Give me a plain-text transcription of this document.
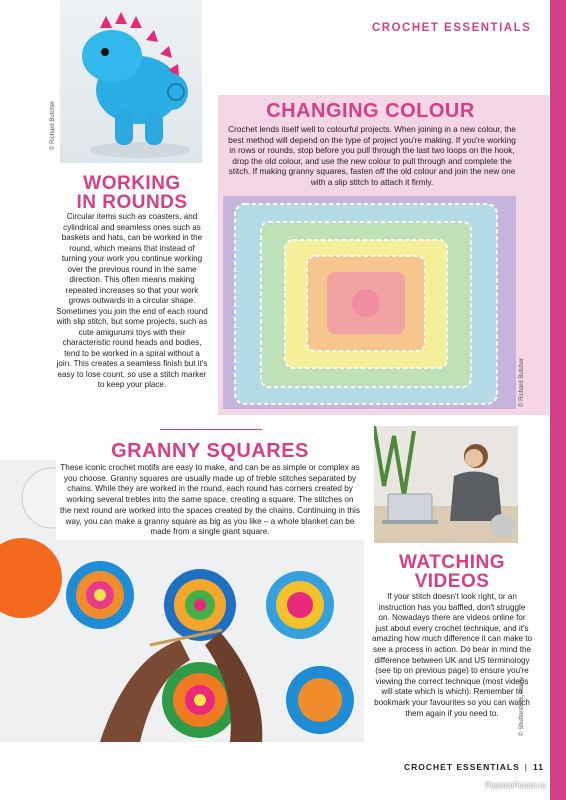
CROCHET ESSENTIALS
© Richard Butcher	CHANGING COLOUR
Crochet lends itself well to colourful projects. When joining in a new colour, the best method will depend on the type of project you're making. If you're working in rows or rounds, stop before you pull through the last two loops on the hook, drop the old colour, and use the new colour to pull through and complete the stitch. If making granny squares, fasten off the old colour and join the new one with a slip stitch to attach it firmly.
© Richard Butcher
WORKING
IN ROUNDS
Circular items such as coasters, and cylindrical and seamless ones such as baskets and hats, can be worked in the round, which means that instead of turning your work you continue working over the previous round in the same direction. This often means making repeated increases so that your work grows outwards in a circular shape. Sometimes you join the end of each round with slip stitch, but some projects, such as cute amigurumi toys with their characteristic round heads and bodies, tend to be worked in a spiral without a join. This creates a seamless finish but it's easy to lose count, so use a stitch marker to keep your place.
GRANNY SQUARES
These iconic crochet motifs are easy to make, and can be as simple or complex as you choose. Granny squares are usually made up of treble stitches separated by chains. While they are worked in the round, each round has corners created by working several trebles into the same space, creating a square. The stitches on the next round are worked into the spaces created by the chains. Continuing in this way, you can make a granny square as big as you like – a whole blanket can be made from a single giant square.
© Shutterstock, Alamy
WATCHING
VIDEOS
If your stitch doesn't look right, or an instruction has you baffled, don't struggle on. Nowadays there are videos online for just about every crochet technique, and it's amazing how much difference it can make to see a process in action. Do bear in mind the difference between UK and US terminology (see tip on previous page) to ensure you're viewing the correct technique (most videos will state which is which). Remember to bookmark your favourites so you can watch them again if you need to.
CROCHET ESSENTIALS | 11
PassionForum.ru
